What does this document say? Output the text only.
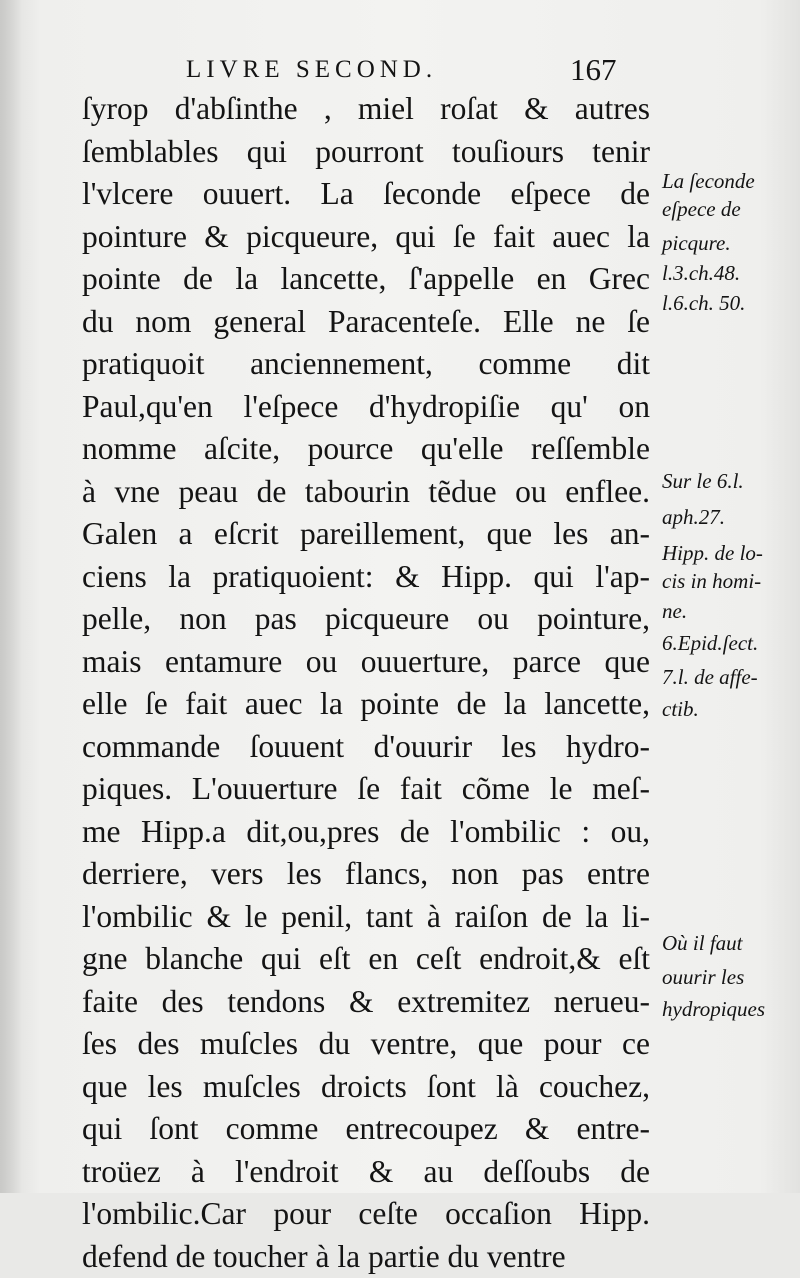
LIVRE SECOND.	167
ſyrop d'abſinthe , miel roſat & autres
ſemblables qui pourront touſiours tenir
l'vlcere ouuert. La ſeconde eſpece de
pointure & picqueure, qui ſe fait auec la
pointe de la lancette, ſ'appelle en Grec
du nom general Paracenteſe. Elle ne ſe
pratiquoit anciennement, comme dit
Paul,qu'en l'eſpece d'hydropiſie qu' on
nomme aſcite, pource qu'elle reſſemble
à vne peau de tabourin tẽdue ou enflee.
Galen a eſcrit pareillement, que les an-
ciens la pratiquoient: & Hipp. qui l'ap-
pelle, non pas picqueure ou pointure,
mais entamure ou ouuerture, parce que
elle ſe fait auec la pointe de la lancette,
commande ſouuent d'ouurir les hydro-
piques. L'ouuerture ſe fait cõme le meſ-
me Hipp.a dit,ou,pres de l'ombilic : ou,
derriere, vers les flancs, non pas entre
l'ombilic & le penil, tant à raiſon de la li-
gne blanche qui eſt en ceſt endroit,& eſt
faite des tendons & extremitez nerueu-
ſes des muſcles du ventre, que pour ce
que les muſcles droicts ſont là couchez,
qui ſont comme entrecoupez & entre-
troüez à l'endroit & au deſſoubs de
l'ombilic.Car pour ceſte occaſion Hipp.
defend de toucher à la partie du ventre
La ſeconde
eſpece de
picqure.
l.3.ch.48.
l.6.ch. 50.
Sur le 6.l.
aph.27.
Hipp. de lo-
cis in homi-
ne.
6.Epid.ſect.
7.l. de affe-
ctib.
Où il faut
ouurir les
hydropiques
